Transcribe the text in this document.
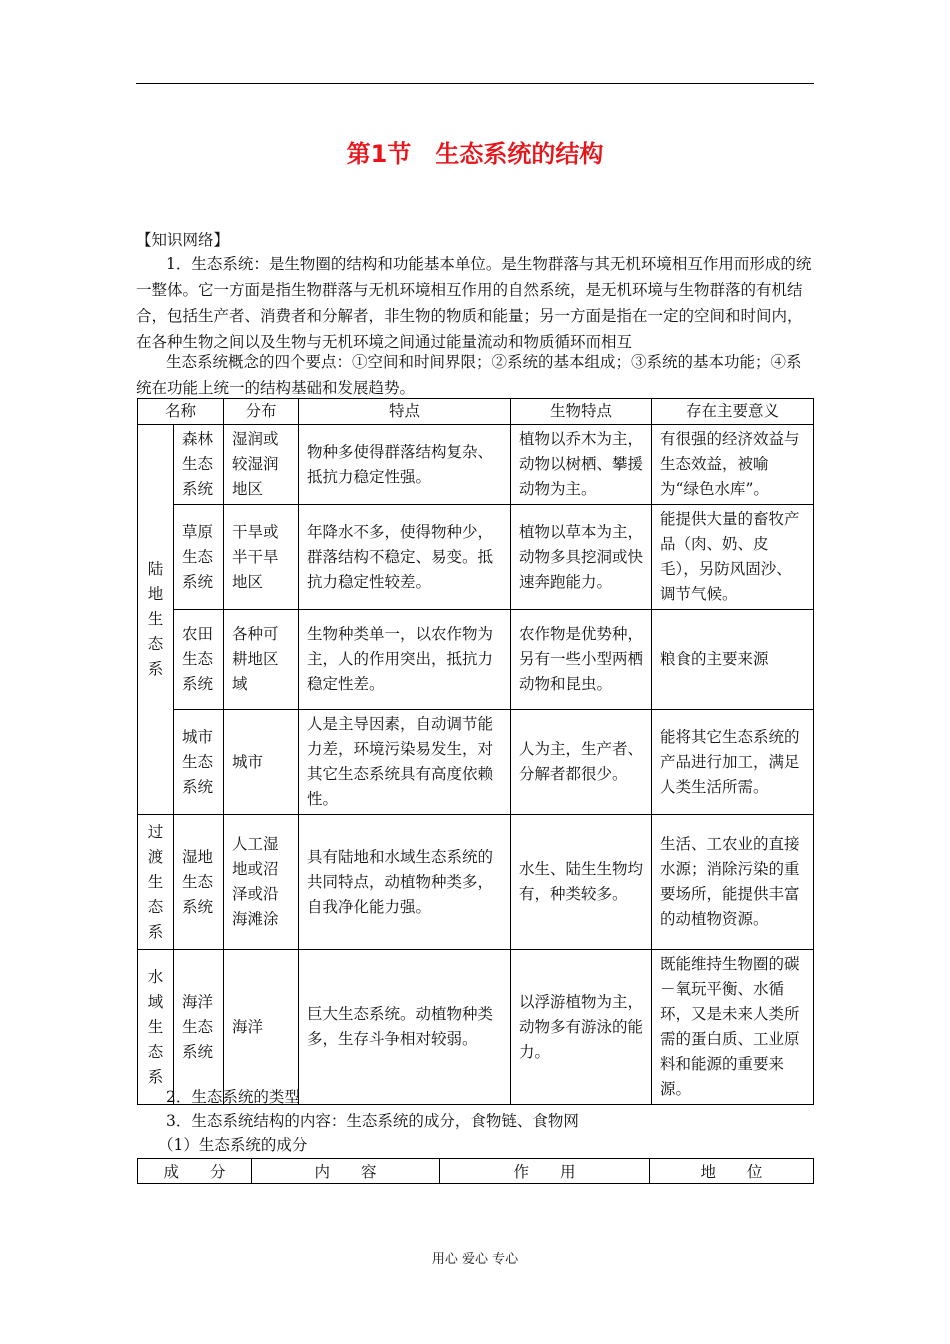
第1节　生态系统的结构
【知识网络】
1．生态系统：是生物圈的结构和功能基本单位。是生物群落与其无机环境相互作用而形成的统一整体。它一方面是指生物群落与无机环境相互作用的自然系统，是无机环境与生物群落的有机结合，包括生产者、消费者和分解者，非生物的物质和能量；另一方面是指在一定的空间和时间内，在各种生物之间以及生物与无机环境之间通过能量流动和物质循环而相互
生态系统概念的四个要点：①空间和时间界限；②系统的基本组成；③系统的基本功能；④系统在功能上统一的结构基础和发展趋势。
名称		分布	特点	生物特点	存在主要意义
陆地生态系	森林生态系统	湿润或较湿润地区	物种多使得群落结构复杂、抵抗力稳定性强。	植物以乔木为主，动物以树栖、攀援动物为主。	有很强的经济效益与生态效益，被喻为“绿色水库”。
	草原生态系统	干旱或半干旱地区	年降水不多，使得物种少，群落结构不稳定、易变。抵抗力稳定性较差。	植物以草本为主，动物多具挖洞或快速奔跑能力。	能提供大量的畜牧产品（肉、奶、皮毛），另防风固沙、调节气候。
	农田生态系统	各种可耕地区域	生物种类单一，以农作物为主，人的作用突出，抵抗力稳定性差。	农作物是优势种，另有一些小型两栖动物和昆虫。	粮食的主要来源
	城市生态系统	城市	人是主导因素，自动调节能力差，环境污染易发生，对其它生态系统具有高度依赖性。	人为主，生产者、分解者都很少。	能将其它生态系统的产品进行加工，满足人类生活所需。
过渡生态系	湿地生态系统	人工湿地或沼泽或沿海滩涂	具有陆地和水域生态系统的共同特点，动植物种类多，自我净化能力强。	水生、陆生生物均有，种类较多。	生活、工农业的直接水源；消除污染的重要场所，能提供丰富的动植物资源。
水域生态系	海洋生态系统	海洋	巨大生态系统。动植物种类多，生存斗争相对较弱。	以浮游植物为主，动物多有游泳的能力。	既能维持生物圈的碳－氧玩平衡、水循环，又是未来人类所需的蛋白质、工业原料和能源的重要来源。
2．生态系统的类型
3．生态系统结构的内容：生态系统的成分，食物链、食物网
（1）生态系统的成分
成　　分	内　　容	作　　用	地　　位
用心 爱心 专心
